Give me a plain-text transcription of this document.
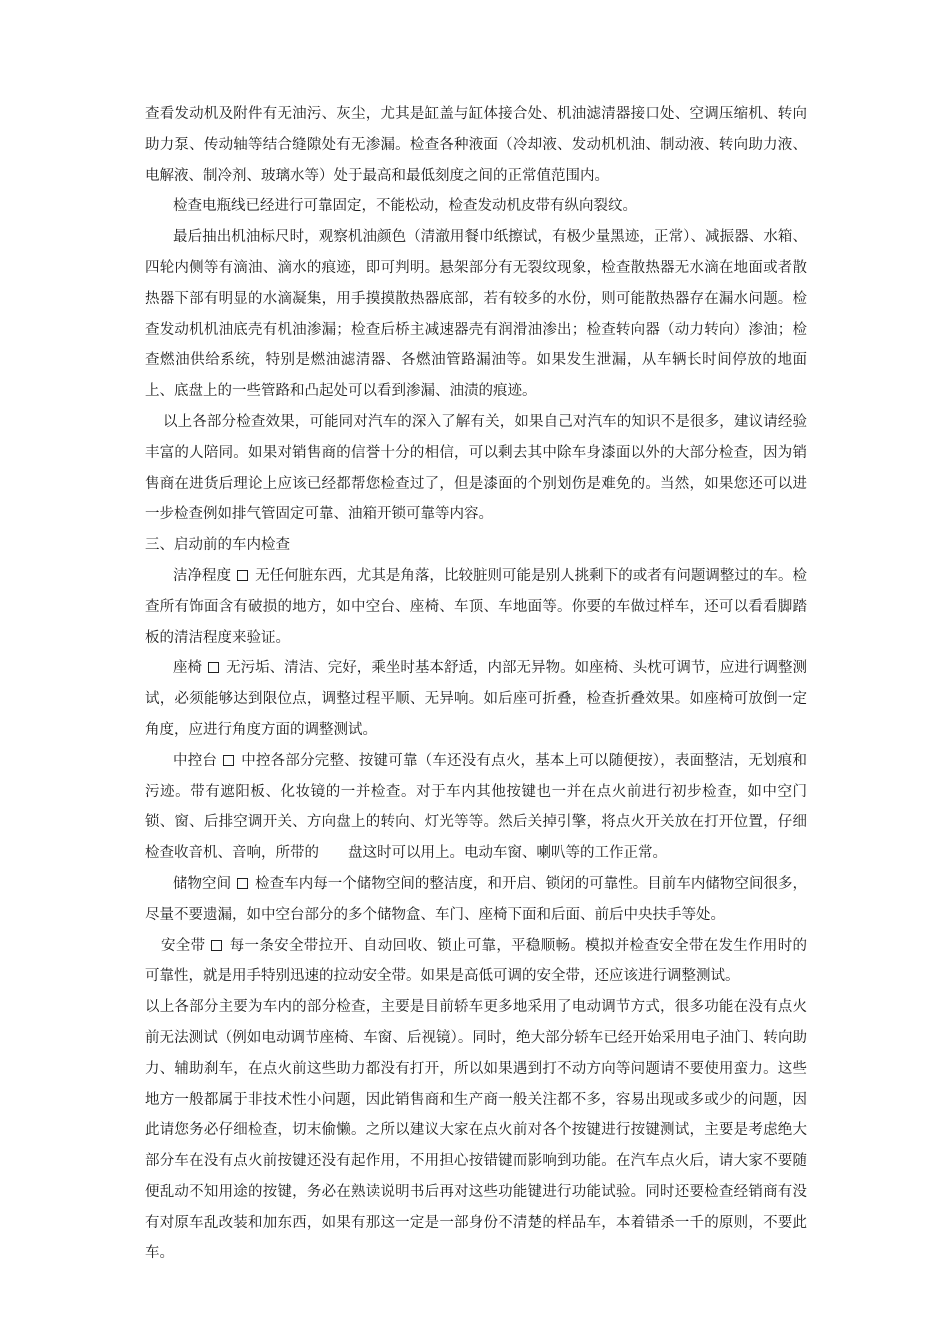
查看发动机及附件有无油污、灰尘，尤其是缸盖与缸体接合处、机油滤清器接口处、空调压缩机、转向助力泵、传动轴等结合缝隙处有无渗漏。检查各种液面（冷却液、发动机机油、制动液、转向助力液、电解液、制冷剂、玻璃水等）处于最高和最低刻度之间的正常值范围内。

检查电瓶线已经进行可靠固定，不能松动，检查发动机皮带有纵向裂纹。

最后抽出机油标尺时，观察机油颜色（清澈用餐巾纸擦试，有极少量黑迹，正常）、减振器、水箱、四轮内侧等有滴油、滴水的痕迹，即可判明。悬架部分有无裂纹现象，检查散热器无水滴在地面或者散热器下部有明显的水滴凝集，用手摸摸散热器底部，若有较多的水份，则可能散热器存在漏水问题。检查发动机机油底壳有机油渗漏；检查后桥主减速器壳有润滑油渗出；检查转向器（动力转向）渗油；检查燃油供给系统，特别是燃油滤清器、各燃油管路漏油等。如果发生泄漏，从车辆长时间停放的地面上、底盘上的一些管路和凸起处可以看到渗漏、油渍的痕迹。

以上各部分检查效果，可能同对汽车的深入了解有关，如果自己对汽车的知识不是很多，建议请经验丰富的人陪同。如果对销售商的信誉十分的相信，可以剩去其中除车身漆面以外的大部分检查，因为销售商在进货后理论上应该已经都帮您检查过了，但是漆面的个别划伤是难免的。当然，如果您还可以进一步检查例如排气管固定可靠、油箱开锁可靠等内容。

三、启动前的车内检查

洁净程度 无任何脏东西，尤其是角落，比较脏则可能是别人挑剩下的或者有问题调整过的车。检查所有饰面含有破损的地方，如中空台、座椅、车顶、车地面等。你要的车做过样车，还可以看看脚踏板的清洁程度来验证。

座椅 无污垢、清洁、完好，乘坐时基本舒适，内部无异物。如座椅、头枕可调节，应进行调整测试，必须能够达到限位点，调整过程平顺、无异响。如后座可折叠，检查折叠效果。如座椅可放倒一定角度，应进行角度方面的调整测试。

中控台 中控各部分完整、按键可靠（车还没有点火，基本上可以随便按），表面整洁，无划痕和污迹。带有遮阳板、化妆镜的一并检查。对于车内其他按键也一并在点火前进行初步检查，如中空门锁、窗、后排空调开关、方向盘上的转向、灯光等等。然后关掉引擎，将点火开关放在打开位置，仔细检查收音机、音响，所带的　　盘这时可以用上。电动车窗、喇叭等的工作正常。

储物空间 检查车内每一个储物空间的整洁度，和开启、锁闭的可靠性。目前车内储物空间很多，尽量不要遗漏，如中空台部分的多个储物盒、车门、座椅下面和后面、前后中央扶手等处。

安全带 每一条安全带拉开、自动回收、锁止可靠，平稳顺畅。模拟并检查安全带在发生作用时的可靠性，就是用手特别迅速的拉动安全带。如果是高低可调的安全带，还应该进行调整测试。

以上各部分主要为车内的部分检查，主要是目前轿车更多地采用了电动调节方式，很多功能在没有点火前无法测试（例如电动调节座椅、车窗、后视镜）。同时，绝大部分轿车已经开始采用电子油门、转向助力、辅助刹车，在点火前这些助力都没有打开，所以如果遇到打不动方向等问题请不要使用蛮力。这些地方一般都属于非技术性小问题，因此销售商和生产商一般关注都不多，容易出现或多或少的问题，因此请您务必仔细检查，切末偷懒。之所以建议大家在点火前对各个按键进行按键测试，主要是考虑绝大部分车在没有点火前按键还没有起作用，不用担心按错键而影响到功能。在汽车点火后，请大家不要随便乱动不知用途的按键，务必在熟读说明书后再对这些功能键进行功能试验。同时还要检查经销商有没有对原车乱改装和加东西，如果有那这一定是一部身份不清楚的样品车，本着错杀一千的原则，不要此车。
